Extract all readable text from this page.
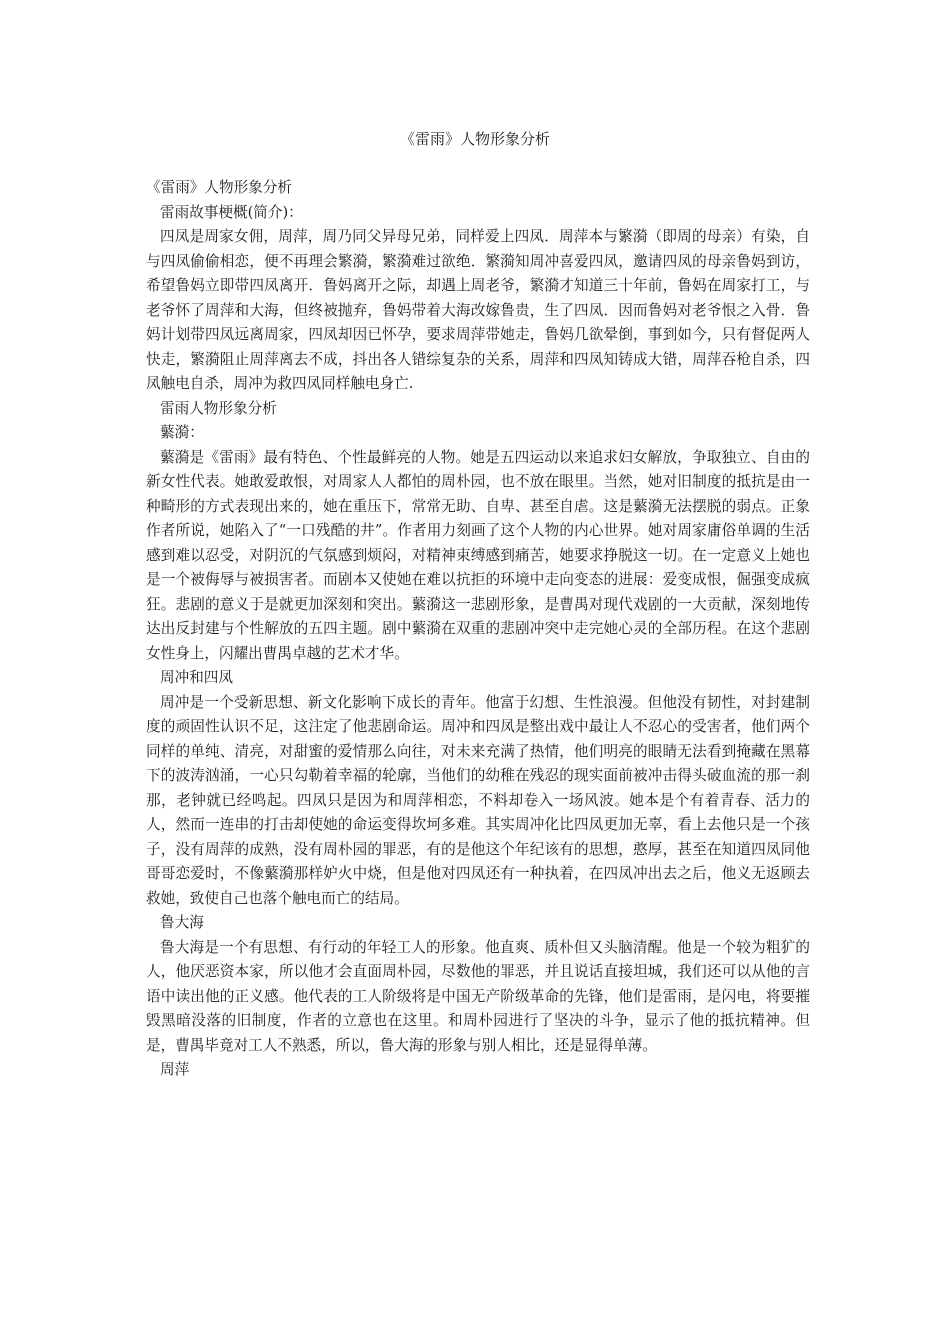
《雷雨》人物形象分析

《雷雨》人物形象分析

雷雨故事梗概(简介)：

四凤是周家女佣，周萍，周乃同父异母兄弟，同样爱上四凤．周萍本与繁漪（即周的母亲）有染，自与四凤偷偷相恋，便不再理会繁漪，繁漪难过欲绝．繁漪知周冲喜爱四凤，邀请四凤的母亲鲁妈到访，希望鲁妈立即带四凤离开．鲁妈离开之际，却遇上周老爷，繁漪才知道三十年前，鲁妈在周家打工，与老爷怀了周萍和大海，但终被抛弃，鲁妈带着大海改嫁鲁贵，生了四凤．因而鲁妈对老爷恨之入骨．鲁妈计划带四凤远离周家，四凤却因已怀孕，要求周萍带她走，鲁妈几欲晕倒，事到如今，只有督促两人快走，繁漪阻止周萍离去不成，抖出各人错综复杂的关系，周萍和四凤知铸成大错，周萍吞枪自杀，四凤触电自杀，周冲为救四凤同样触电身亡.

雷雨人物形象分析

蘩漪：

蘩漪是《雷雨》最有特色、个性最鲜亮的人物。她是五四运动以来追求妇女解放，争取独立、自由的新女性代表。她敢爱敢恨，对周家人人都怕的周朴园，也不放在眼里。当然，她对旧制度的抵抗是由一种畸形的方式表现出来的，她在重压下，常常无助、自卑、甚至自虐。这是蘩漪无法摆脱的弱点。正象作者所说，她陷入了“一口残酷的井”。作者用力刻画了这个人物的内心世界。她对周家庸俗单调的生活感到难以忍受，对阴沉的气氛感到烦闷，对精神束缚感到痛苦，她要求挣脱这一切。在一定意义上她也是一个被侮辱与被损害者。而剧本又使她在难以抗拒的环境中走向变态的进展：爱变成恨，倔强变成疯狂。悲剧的意义于是就更加深刻和突出。蘩漪这一悲剧形象，是曹禺对现代戏剧的一大贡献，深刻地传达出反封建与个性解放的五四主题。剧中蘩漪在双重的悲剧冲突中走完她心灵的全部历程。在这个悲剧女性身上，闪耀出曹禺卓越的艺术才华。

周冲和四凤

周冲是一个受新思想、新文化影响下成长的青年。他富于幻想、生性浪漫。但他没有韧性，对封建制度的顽固性认识不足，这注定了他悲剧命运。周冲和四凤是整出戏中最让人不忍心的受害者，他们两个同样的单纯、清亮，对甜蜜的爱情那么向往，对未来充满了热情，他们明亮的眼睛无法看到掩藏在黑幕下的波涛汹涌，一心只勾勒着幸福的轮廓，当他们的幼稚在残忍的现实面前被冲击得头破血流的那一刹那，老钟就已经鸣起。四凤只是因为和周萍相恋，不料却卷入一场风波。她本是个有着青春、活力的人，然而一连串的打击却使她的命运变得坎坷多难。其实周冲化比四凤更加无辜，看上去他只是一个孩子，没有周萍的成熟，没有周朴园的罪恶，有的是他这个年纪该有的思想，憨厚，甚至在知道四凤同他哥哥恋爱时，不像蘩漪那样妒火中烧，但是他对四凤还有一种执着，在四凤冲出去之后，他义无返顾去救她，致使自己也落个触电而亡的结局。

鲁大海

鲁大海是一个有思想、有行动的年轻工人的形象。他直爽、质朴但又头脑清醒。他是一个较为粗犷的人，他厌恶资本家，所以他才会直面周朴园，尽数他的罪恶，并且说话直接坦城，我们还可以从他的言语中读出他的正义感。他代表的工人阶级将是中国无产阶级革命的先锋，他们是雷雨，是闪电，将要摧毁黑暗没落的旧制度，作者的立意也在这里。和周朴园进行了坚决的斗争，显示了他的抵抗精神。但是，曹禺毕竟对工人不熟悉，所以，鲁大海的形象与别人相比，还是显得单薄。

周萍
